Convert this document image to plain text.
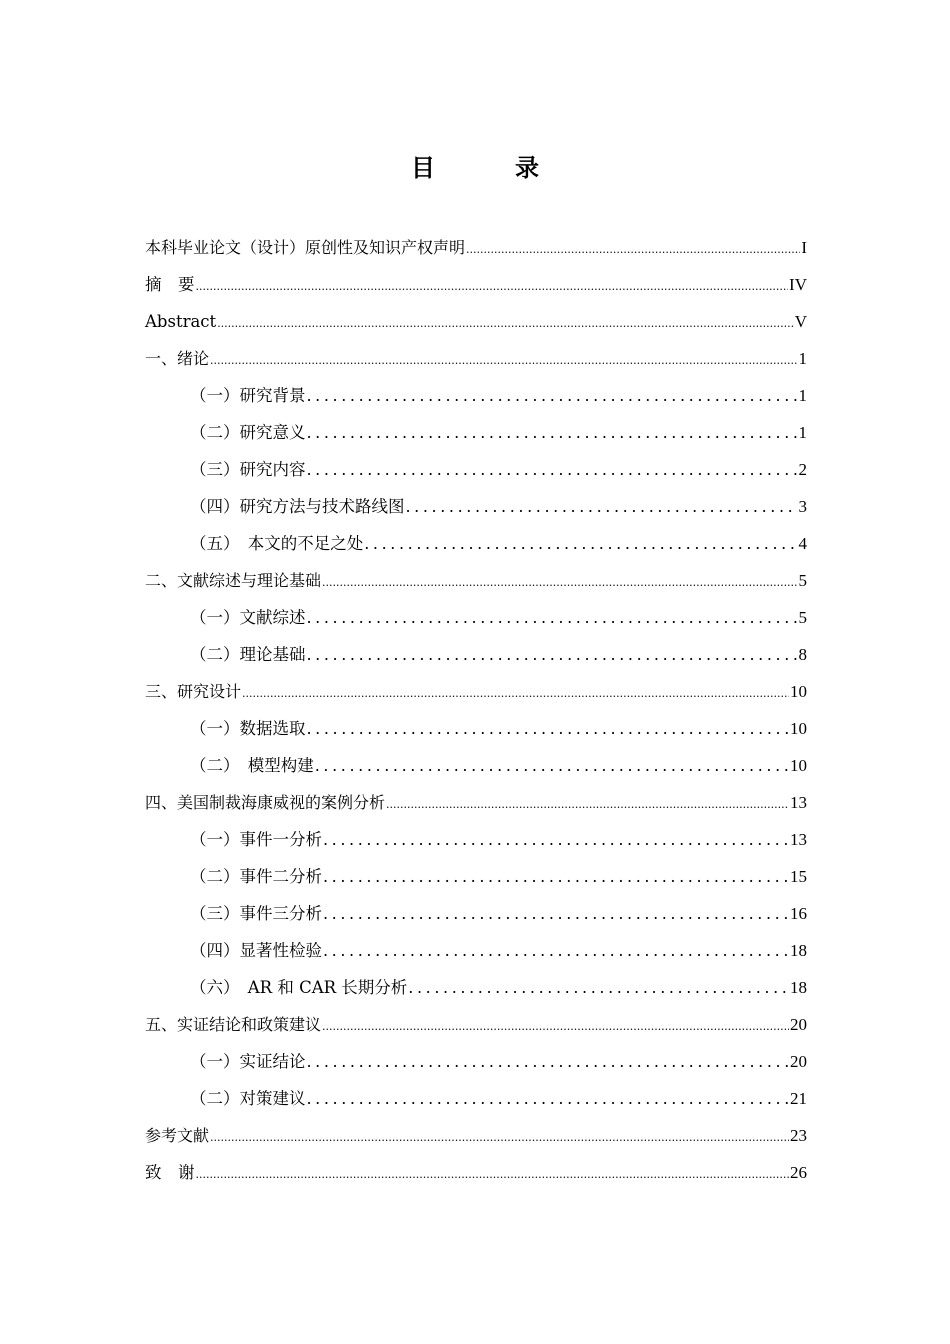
目　录
本科毕业论文（设计）原创性及知识产权声明 .....	I
摘　要 .....	IV
Abstract .....	V
一、绪论 .....	1
（一）研究背景 .....	1
（二）研究意义 .....	1
（三）研究内容 .....	2
（四）研究方法与技术路线图 .....	3
（五）　本文的不足之处 .....	4
二、文献综述与理论基础 .....	5
（一）文献综述 .....	5
（二）理论基础 .....	8
三、研究设计 .....	10
（一）数据选取 .....	10
（二）　模型构建 .....	10
四、美国制裁海康威视的案例分析 .....	13
（一）事件一分析 .....	13
（二）事件二分析 .....	15
（三）事件三分析 .....	16
（四）显著性检验 .....	18
（六）　AR 和 CAR 长期分析 .....	18
五、实证结论和政策建议 .....	20
（一）实证结论 .....	20
（二）对策建议 .....	21
参考文献 .....	23
致　谢 .....	26
